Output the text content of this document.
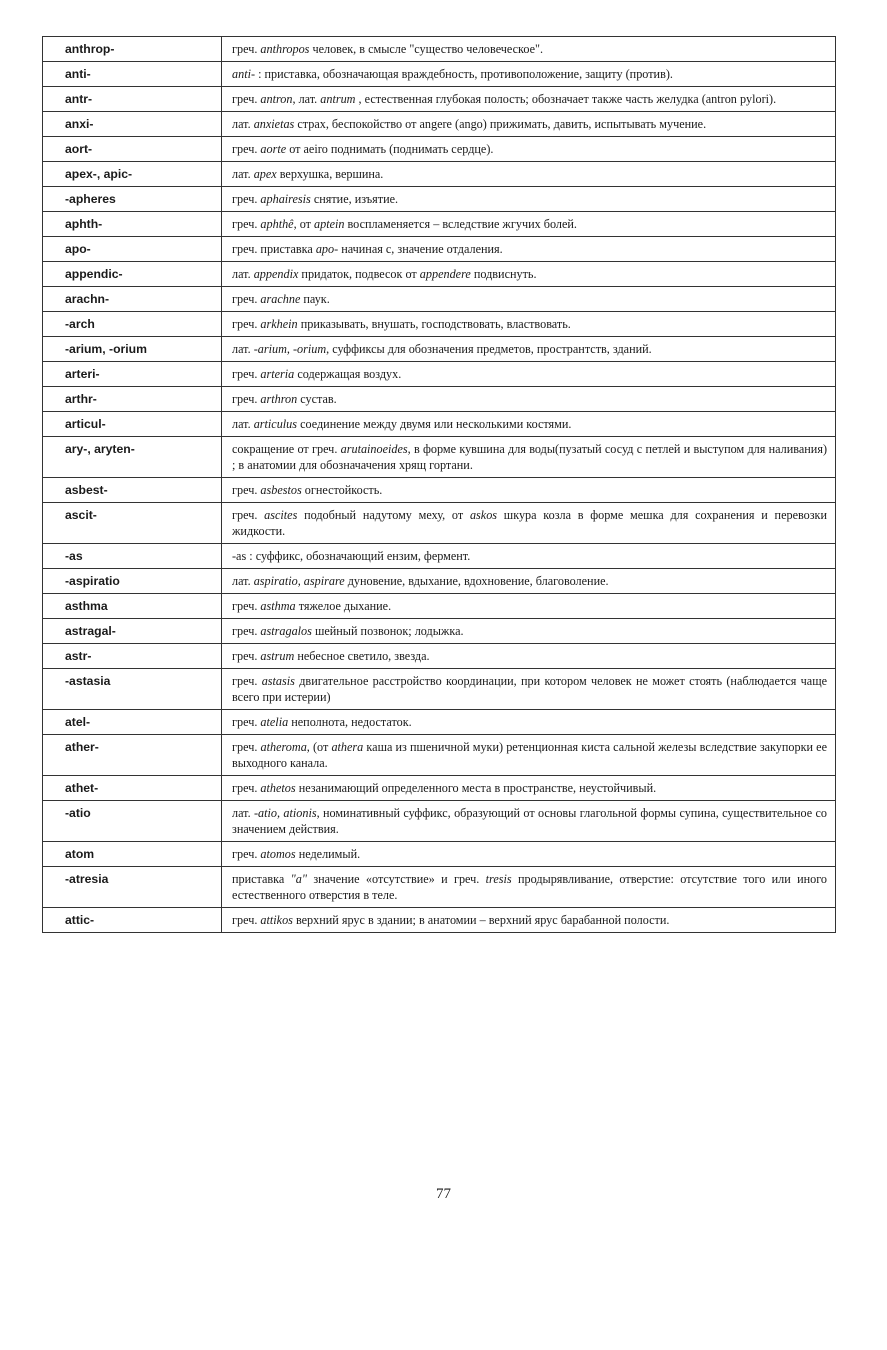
anthrop-	греч. anthropos человек, в смысле "существо человеческое".
anti-	anti- : приставка, обозначающая враждебность, противоположение, защиту (против).
antr-	греч. antron, лат. antrum , естественная глубокая полость; обозначает также часть желудка (antron pylori).
anxi-	лат. anxietas страх, беспокойство от angere (ango) прижимать, давить, испытывать мучение.
aort-	греч. aorte от aeiro поднимать (поднимать сердце).
apex-, apic-	лат. apex верхушка, вершина.
-apheres	греч. aphairesis снятие, изъятие.
aphth-	греч. aphthê, от aptein воспламеняется – вследствие жгучих болей.
apo-	греч. приставка apo- начиная с, значение отдаления.
appendic-	лат. appendix придаток, подвесок от appendere подвиснуть.
arachn-	греч. arachne паук.
-arch	греч. arkhein приказывать, внушать, господствовать, властвовать.
-arium, -orium	лат. -arium, -orium, суффиксы для обозначения предметов, пространтств, зданий.
arteri-	греч. arteria содержащая воздух.
arthr-	греч. arthron сустав.
articul-	лат. articulus соединение между двумя или несколькими костями.
ary-, aryten-	сокращение от греч. arutainoeides, в форме кувшина для воды(пузатый сосуд с петлей и выступом для наливания) ; в анатомии для обозначачения хрящ гортани.
asbest-	греч. asbestos огнестойкость.
ascit-	греч. ascites подобный надутому меху, от askos шкура козла в форме мешка для сохранения и перевозки жидкости.
-as	-as : суффикс, обозначающий ензим, фермент.
-aspiratio	лат. aspiratio, aspirare дуновение, вдыхание, вдохновение, благоволение.
asthma	греч. asthma тяжелое дыхание.
astragal-	греч. astragalos шейный позвонок; лодыжка.
astr-	греч. astrum небесное светило, звезда.
-astasia	греч. astasis двигательное расстройство координации, при котором человек не может стоять (наблюдается чаще всего при истерии)
atel-	греч. atelia неполнота, недостаток.
ather-	греч. atheroma, (от athera каша из пшеничной муки) ретенционная киста сальной железы вследствие закупорки ее выходного канала.
athet-	греч. athetos незанимающий определенного места в пространстве, неустойчивый.
-atio	лат. -atio, ationis, номинативный суффикс, образующий от основы глагольной формы супина, существительное со значением действия.
atom	греч. atomos неделимый.
-atresia	приставка "a" значение «отсутствие» и греч. tresis продырявливание, отверстие: отсутствие того или иного естественного отверстия в теле.
attic-	греч. attikos верхний ярус в здании; в анатомии – верхний ярус барабанной полости.
77
